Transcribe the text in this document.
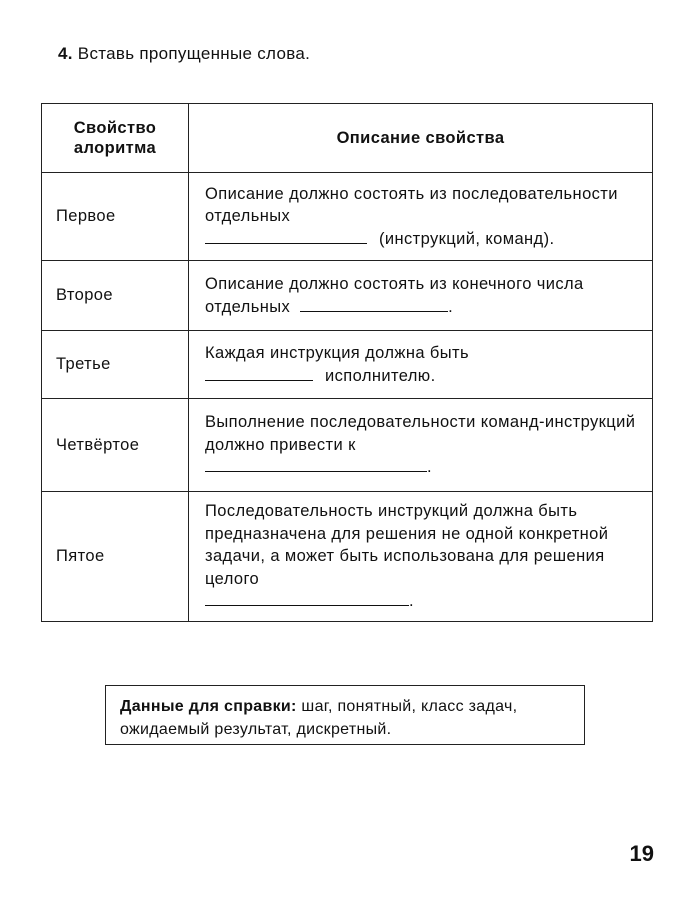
4. Вставь пропущенные слова.
Свойство алоритма	Описание свойства
Первое	Описание должно состоять из последовательности отдельных
(инструкций, команд).
Второе	Описание должно состоять из конечного числа отдельных .
Третье	Каждая инструкция должна быть
исполнителю.
Четвёртое	Выполнение последовательности команд-инструкций должно привести к
.
Пятое	Последовательность инструкций должна быть предназначена для решения не одной конкретной задачи, а может быть использована для решения целого
.
Данные для справки: шаг, понятный, класс задач, ожидаемый результат, дискретный.
19
